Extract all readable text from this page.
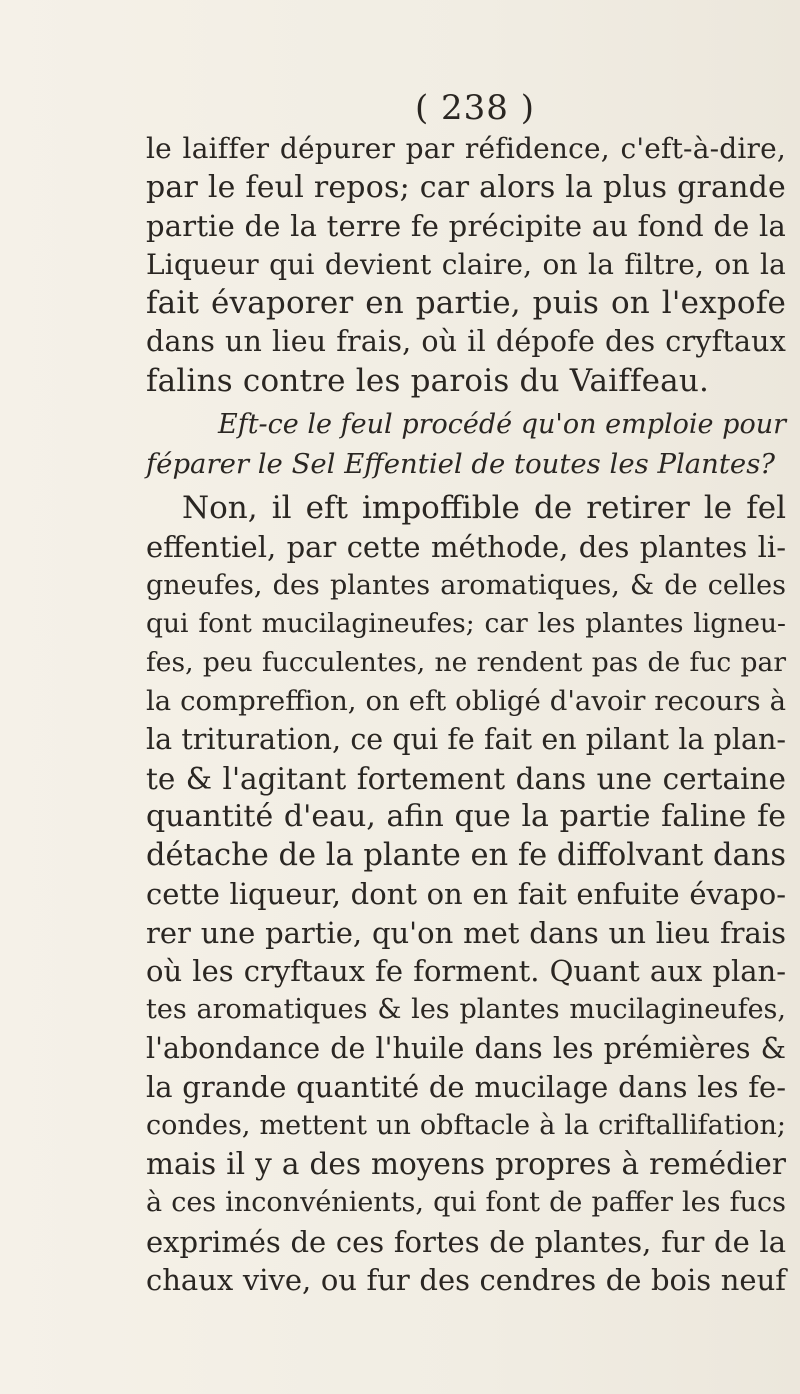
( 238 )
le laiffer dépurer par réfidence, c'eft-à-dire,
par le feul repos; car alors la plus grande
partie de la terre fe précipite au fond de la
Liqueur qui devient claire, on la filtre, on la
fait évaporer en partie, puis on l'expofe
dans un lieu frais, où il dépofe des cryftaux
falins contre les parois du Vaiffeau.
Eft-ce le feul procédé qu'on emploie pour
féparer le Sel Effentiel de toutes les Plantes?
Non, il eft impoffible de retirer le fel
effentiel, par cette méthode, des plantes li-
gneufes, des plantes aromatiques, & de celles
qui font mucilagineufes; car les plantes ligneu-
fes, peu fucculentes, ne rendent pas de fuc par
la compreffion, on eft obligé d'avoir recours à
la trituration, ce qui fe fait en pilant la plan-
te & l'agitant fortement dans une certaine
quantité d'eau, afin que la partie faline fe
détache de la plante en fe diffolvant dans
cette liqueur, dont on en fait enfuite évapo-
rer une partie, qu'on met dans un lieu frais
où les cryftaux fe forment. Quant aux plan-
tes aromatiques & les plantes mucilagineufes,
l'abondance de l'huile dans les prémières &
la grande quantité de mucilage dans les fe-
condes, mettent un obftacle à la criftallifation;
mais il y a des moyens propres à remédier
à ces inconvénients, qui font de paffer les fucs
exprimés de ces fortes de plantes, fur de la
chaux vive, ou fur des cendres de bois neuf
